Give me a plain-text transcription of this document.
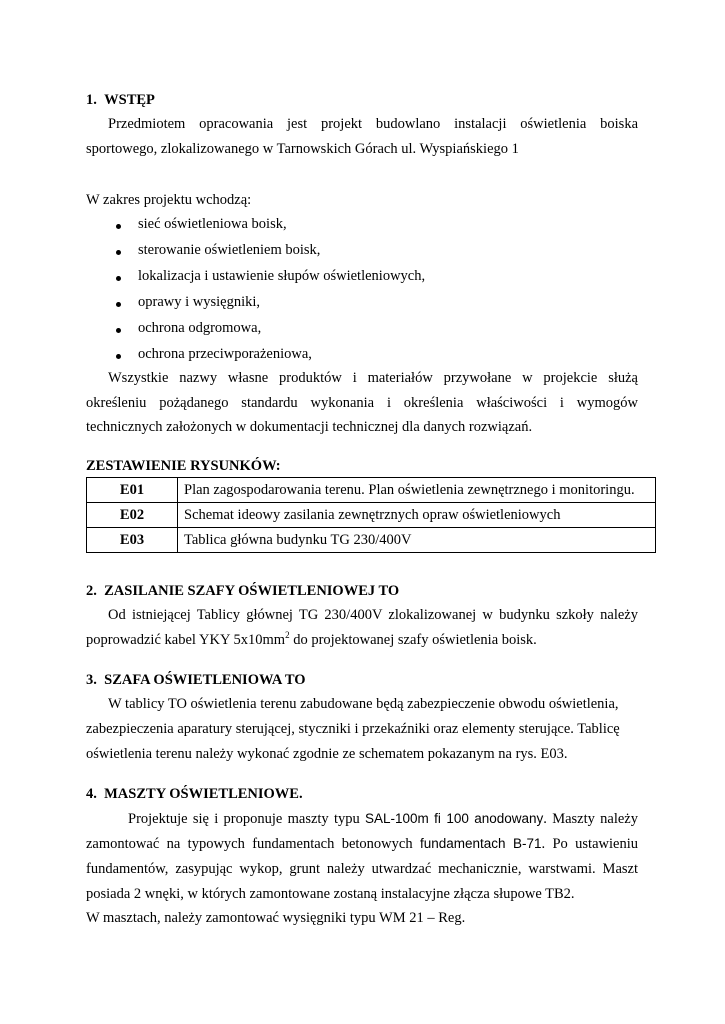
1.  WSTĘP
Przedmiotem opracowania jest projekt budowlano instalacji oświetlenia boiska
sportowego, zlokalizowanego w Tarnowskich Górach ul. Wyspiańskiego 1
W zakres projektu wchodzą:
sieć oświetleniowa boisk,
sterowanie oświetleniem boisk,
lokalizacja i ustawienie słupów oświetleniowych,
oprawy i wysięgniki,
ochrona odgromowa,
ochrona przeciwporażeniowa,
Wszystkie nazwy własne produktów i materiałów przywołane w projekcie służą
określeniu pożądanego standardu wykonania i określenia właściwości i wymogów
technicznych założonych w dokumentacji technicznej dla danych rozwiązań.
ZESTAWIENIE RYSUNKÓW:
E01	Plan zagospodarowania terenu. Plan oświetlenia zewnętrznego i monitoringu.
E02	Schemat ideowy zasilania zewnętrznych opraw oświetleniowych
E03	Tablica główna budynku TG 230/400V
2.  ZASILANIE SZAFY OŚWIETLENIOWEJ TO
Od istniejącej Tablicy głównej TG 230/400V zlokalizowanej w budynku szkoły należy
poprowadzić kabel YKY $5x10mm^2$ do projektowanej szafy oświetlenia boisk.
3.  SZAFA OŚWIETLENIOWA TO
W tablicy TO oświetlenia terenu zabudowane będą zabezpieczenie obwodu oświetlenia,
zabezpieczenia aparatury sterującej, styczniki i przekaźniki oraz elementy sterujące. Tablicę
oświetlenia terenu należy wykonać zgodnie ze schematem pokazanym na rys. E03.
4.  MASZTY OŚWIETLENIOWE.
Projektuje się i proponuje maszty typu SAL-100m fi 100 anodowany. Maszty należy
zamontować na typowych fundamentach betonowych fundamentach B-71. Po ustawieniu
fundamentów, zasypując wykop, grunt należy utwardzać mechanicznie, warstwami. Maszt
posiada 2 wnęki, w których zamontowane zostaną instalacyjne złącza słupowe TB2.
W masztach, należy zamontować wysięgniki typu WM 21 – Reg.
